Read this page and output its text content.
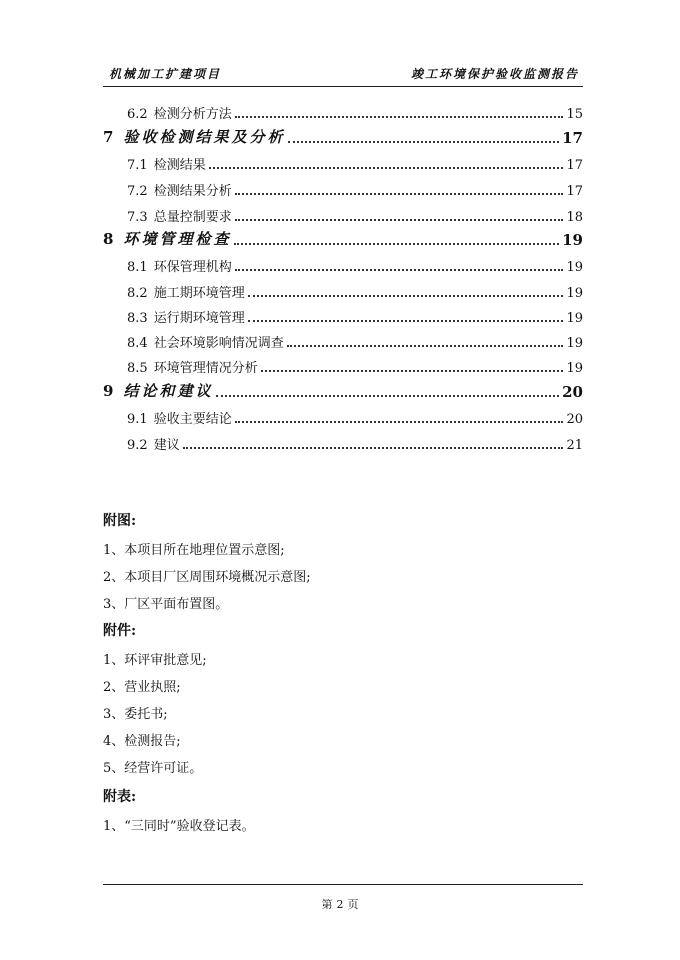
机械加工扩建项目	竣工环境保护验收监测报告
6.2 检测分析方法	15
7 验收检测结果及分析	17
7.1 检测结果	17
7.2 检测结果分析	17
7.3 总量控制要求	18
8 环境管理检查	19
8.1 环保管理机构	19
8.2 施工期环境管理	19
8.3 运行期环境管理	19
8.4 社会环境影响情况调查	19
8.5 环境管理情况分析	19
9 结论和建议	20
9.1 验收主要结论	20
9.2 建议	21
附图:
1、本项目所在地理位置示意图;
2、本项目厂区周围环境概况示意图;
3、厂区平面布置图。
附件:
1、环评审批意见;
2、营业执照;
3、委托书;
4、检测报告;
5、经营许可证。
附表:
1、“三同时”验收登记表。
第 2 页
